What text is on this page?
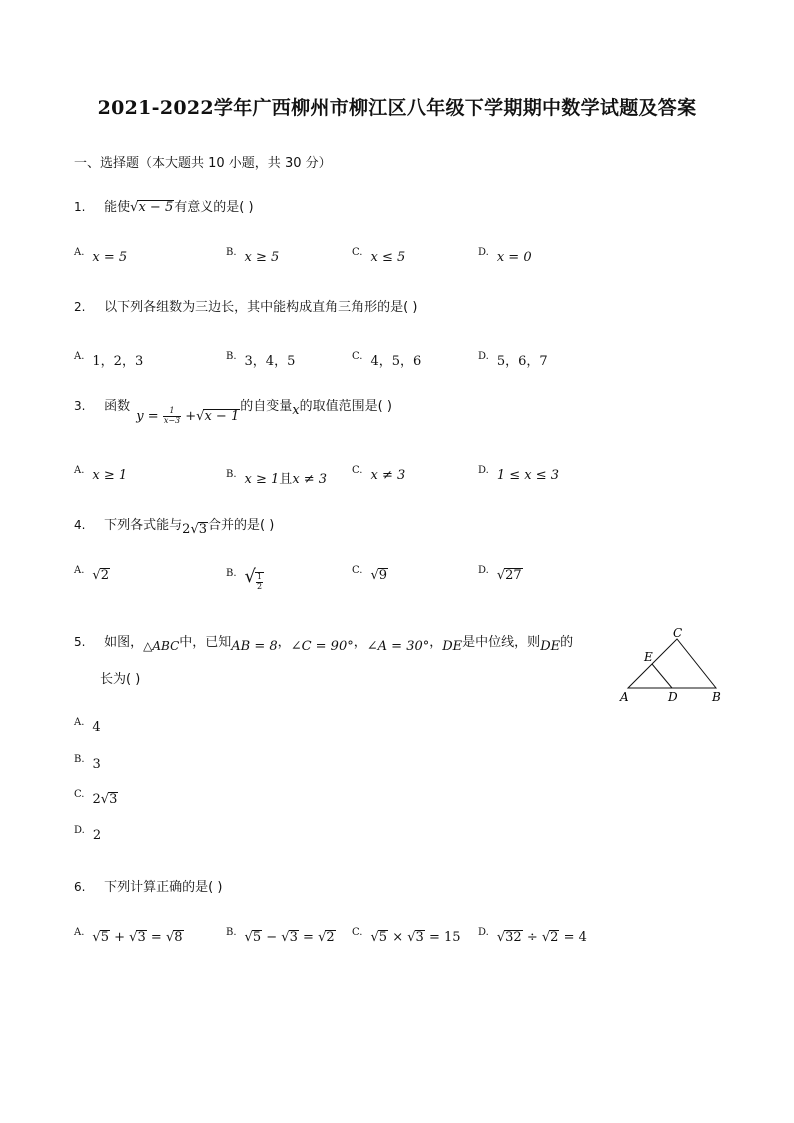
2021-2022学年广西柳州市柳江区八年级下学期期中数学试题及答案
一、选择题（本大题共 10 小题，共 30 分）
1. 能使√x − 5有意义的是( )
$^{A.}$ x = 5	$^{B.}$ x ≥ 5	$^{C.}$ x ≤ 5	$^{D.}$ x = 0
2. 以下列各组数为三边长，其中能构成直角三角形的是( )
$^{A.}$ 1，2，3	$^{B.}$ 3，4，5	$^{C.}$ 4，5，6	$^{D.}$ 5，6，7
3. 函数 $y = \frac{1}{x-3} +√x - 1$的自变量x的取值范围是( )
$^{A.}$ x ≥ 1	$^{B.}$ x ≥ 1且x ≠ 3
$^{C.}$ x ≠ 3	$^{D.}$ 1 ≤ x ≤ 3
4. 下列各式能与2√3合并的是( )
$^{A.}$ √2	$^{B.}$ √ $\frac{1}{2}$
$^{C.}$ √9	$^{D.}$ √27
5. 如图，△ABC中，已知AB = 8，∠C = 90°，∠A = 30°，DE是中位线，则DE的
长为( )
C
E
A	D	B
$^{A.}$ 4
$^{B.}$ 3
$^{C.}$ 2√3
$^{D.}$ 2
6. 下列计算正确的是( )
$^{A.}$ √5 + √3 = √8	$^{B.}$ √5 − √3 = √2 $^{C.}$ √5 × √3 = 15 $^{D.}$ √32 ÷ √2 = 4
